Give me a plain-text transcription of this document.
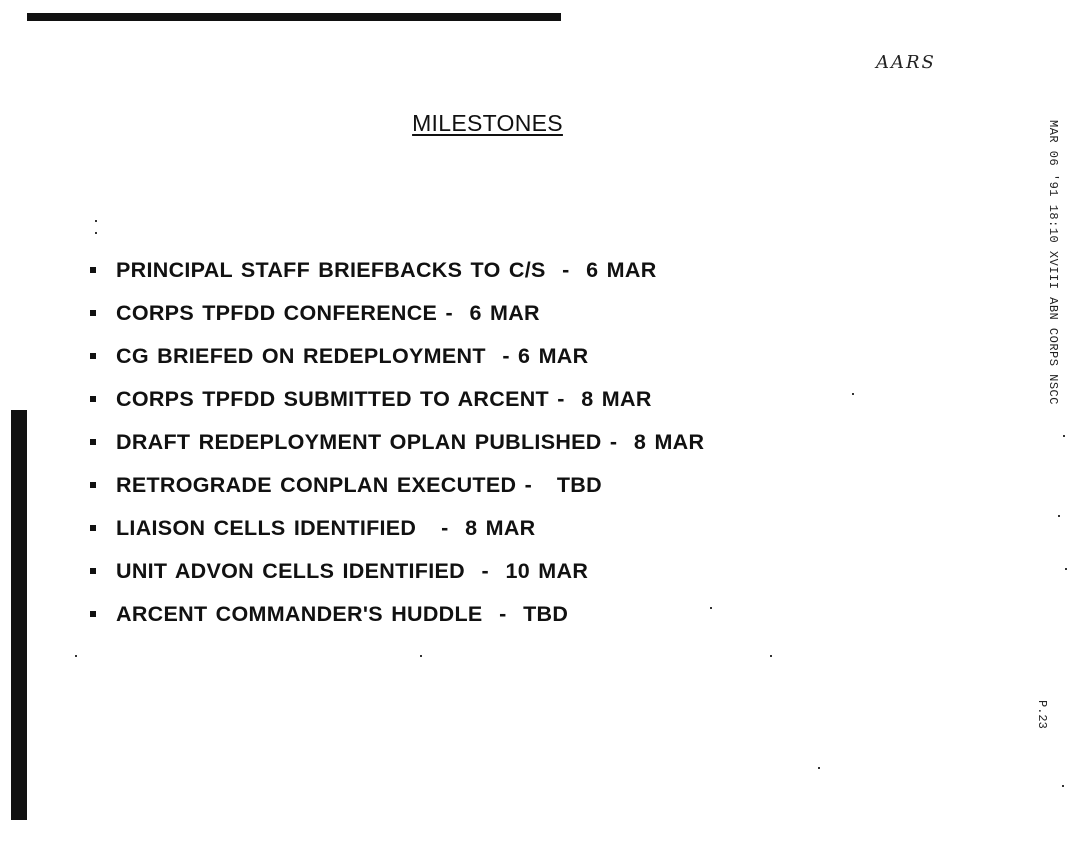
AARS
MILESTONES
PRINCIPAL STAFF BRIEFBACKS TO C/S  -  6 MAR
CORPS TPFDD CONFERENCE -  6 MAR
CG BRIEFED ON REDEPLOYMENT  - 6 MAR
CORPS TPFDD SUBMITTED TO ARCENT -  8 MAR
DRAFT REDEPLOYMENT OPLAN PUBLISHED -  8 MAR
RETROGRADE CONPLAN EXECUTED -   TBD
LIAISON CELLS IDENTIFIED   -  8 MAR
UNIT ADVON CELLS IDENTIFIED  -  10 MAR
ARCENT COMMANDER'S HUDDLE  -  TBD
MAR 06 '91 18:10 XVIII ABN CORPS NSCC
P.23
